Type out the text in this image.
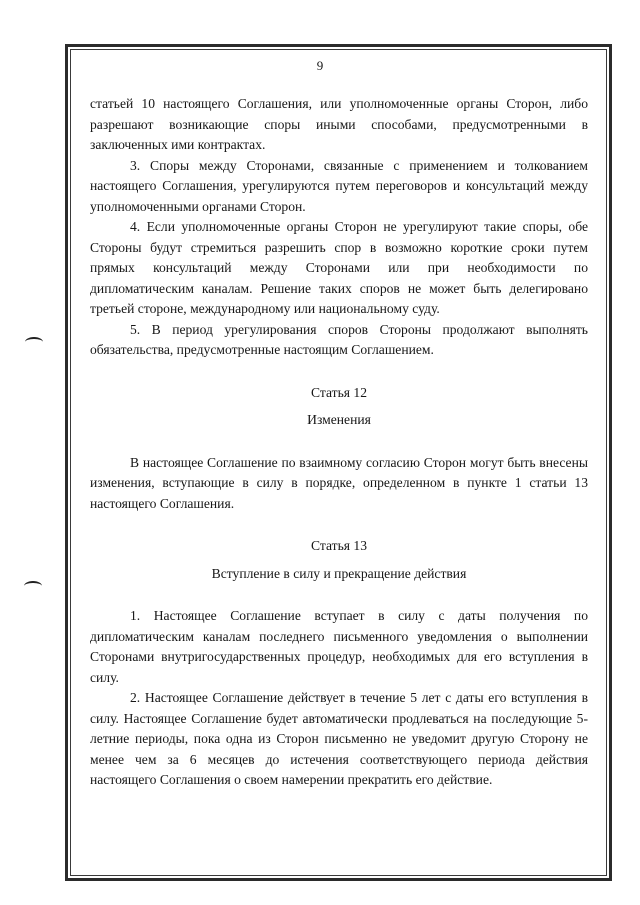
9

статьей 10 настоящего Соглашения, или уполномоченные органы Сторон, либо разрешают возникающие споры иными способами, предусмотренными в заключенных ими контрактах.

3. Споры между Сторонами, связанные с применением и толкованием настоящего Соглашения, урегулируются путем переговоров и консультаций между уполномоченными органами Сторон.

4. Если уполномоченные органы Сторон не урегулируют такие споры, обе Стороны будут стремиться разрешить спор в возможно короткие сроки путем прямых консультаций между Сторонами или при необходимости по дипломатическим каналам. Решение таких споров не может быть делегировано третьей стороне, международному или национальному суду.

5. В период урегулирования споров Стороны продолжают выполнять обязательства, предусмотренные настоящим Соглашением.

Статья 12

Изменения

В настоящее Соглашение по взаимному согласию Сторон могут быть внесены изменения, вступающие в силу в порядке, определенном в пункте 1 статьи 13 настоящего Соглашения.

Статья 13

Вступление в силу и прекращение действия

1. Настоящее Соглашение вступает в силу с даты получения по дипломатическим каналам последнего письменного уведомления о выполнении Сторонами внутригосударственных процедур, необходимых для его вступления в силу.

2. Настоящее Соглашение действует в течение 5 лет с даты его вступления в силу. Настоящее Соглашение будет автоматически продлеваться на последующие 5-летние периоды, пока одна из Сторон письменно не уведомит другую Сторону не менее чем за 6 месяцев до истечения соответствующего периода действия настоящего Соглашения о своем намерении прекратить его действие.
